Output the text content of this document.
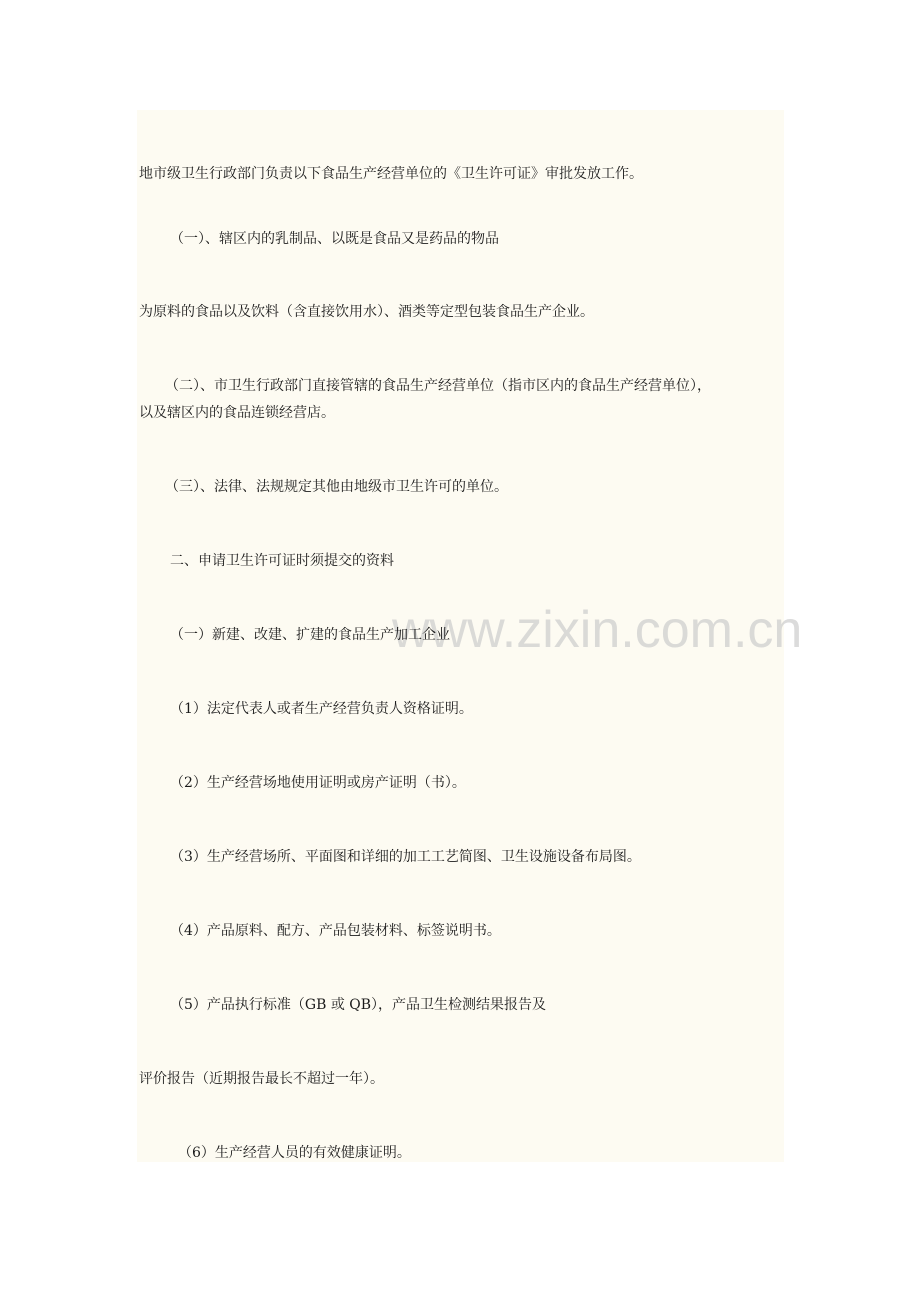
www.zixin.com.cn
地市级卫生行政部门负责以下食品生产经营单位的《卫生许可证》审批发放工作。
（一）、辖区内的乳制品、以既是食品又是药品的物品
为原料的食品以及饮料（含直接饮用水）、酒类等定型包装食品生产企业。
（二）、市卫生行政部门直接管辖的食品生产经营单位（指市区内的食品生产经营单位），
以及辖区内的食品连锁经营店。
（三）、法律、法规规定其他由地级市卫生许可的单位。
二、申请卫生许可证时须提交的资料
（一）新建、改建、扩建的食品生产加工企业
（1）法定代表人或者生产经营负责人资格证明。
（2）生产经营场地使用证明或房产证明（书）。
（3）生产经营场所、平面图和详细的加工工艺简图、卫生设施设备布局图。
（4）产品原料、配方、产品包装材料、标签说明书。
（5）产品执行标准（GB 或 QB），产品卫生检测结果报告及
评价报告（近期报告最长不超过一年）。
（6）生产经营人员的有效健康证明。
